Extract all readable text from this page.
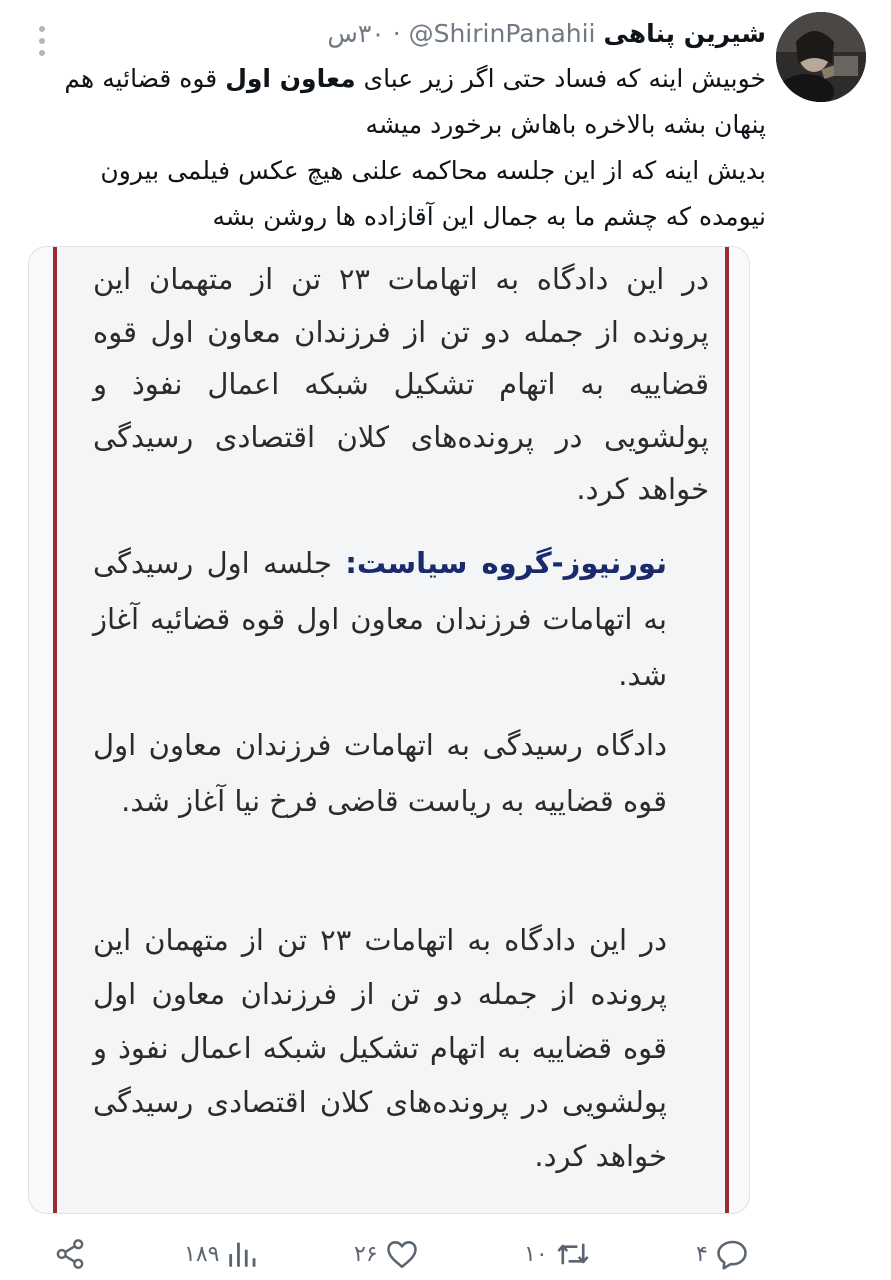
شیرین پناهی @ShirinPanahii · ۳۰س

خوبیش اینه که فساد حتی اگر زیر عبای معاون اول قوه قضائیه هم پنهان بشه بالاخره باهاش برخورد میشه

بدیش اینه که از این جلسه محاکمه علنی هیچ عکس فیلمی بیرون نیومده که چشم ما به جمال این آقازاده ها روشن بشه

در این دادگاه به اتهامات ۲۳ تن از متهمان این پرونده از جمله دو تن از فرزندان معاون اول قوه قضاییه به اتهام تشکیل شبکه اعمال نفوذ و پولشویی در پرونده‌های کلان اقتصادی رسیدگی خواهد کرد.

نورنیوز-گروه سیاست: جلسه اول رسیدگی به اتهامات فرزندان معاون اول قوه قضائیه آغاز شد.

دادگاه رسیدگی به اتهامات فرزندان معاون اول قوه قضاییه به ریاست قاضی فرخ نیا آغاز شد.

در این دادگاه به اتهامات ۲۳ تن از متهمان این پرونده از جمله دو تن از فرزندان معاون اول قوه قضاییه به اتهام تشکیل شبکه اعمال نفوذ و پولشویی در پرونده‌های کلان اقتصادی رسیدگی خواهد کرد.

۱۸۹	۲۶	۱۰	۴
